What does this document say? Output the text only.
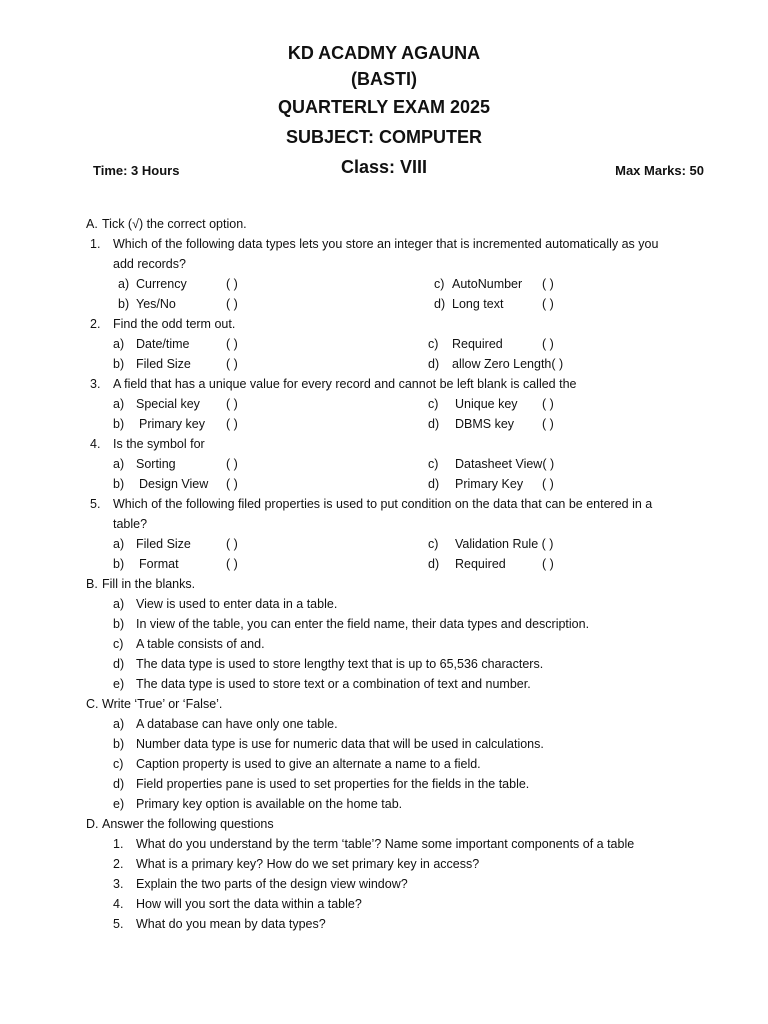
KD ACADMY AGAUNA
(BASTI)
QUARTERLY EXAM 2025
SUBJECT: COMPUTER
Class: VIII
Time: 3 Hours	Max Marks: 50
A. Tick (√) the correct option.
1. Which of the following data types lets you store an integer that is incremented automatically as you
add records?
a) Currency	( )	c) AutoNumber ( )
b) Yes/No	( )	d) Long text	( )
2. Find the odd term out.
a) Date/time	( )	c) Required	( )
b) Filed Size	( )	d) allow Zero Length( )
3. A field that has a unique value for every record and cannot be left blank is called the
a) Special key ( )	c) Unique key ( )
b) Primary key ( )	d) DBMS key ( )
4. Is the symbol for
a) Sorting	( )	c) Datasheet View( )
b) Design View ( )	d) Primary Key ( )
5. Which of the following filed properties is used to put condition on the data that can be entered in a
table?
a) Filed Size	( )	c) Validation Rule ( )
b) Format	( )	d) Required	( )
B. Fill in the blanks.
a) View is used to enter data in a table.
b) In view of the table, you can enter the field name, their data types and description.
c) A table consists of and.
d) The data type is used to store lengthy text that is up to 65,536 characters.
e) The data type is used to store text or a combination of text and number.
C. Write ‘True’ or ‘False’.
a) A database can have only one table.
b) Number data type is use for numeric data that will be used in calculations.
c) Caption property is used to give an alternate a name to a field.
d) Field properties pane is used to set properties for the fields in the table.
e) Primary key option is available on the home tab.
D. Answer the following questions
1. What do you understand by the term ‘table’? Name some important components of a table
2. What is a primary key? How do we set primary key in access?
3. Explain the two parts of the design view window?
4. How will you sort the data within a table?
5. What do you mean by data types?
